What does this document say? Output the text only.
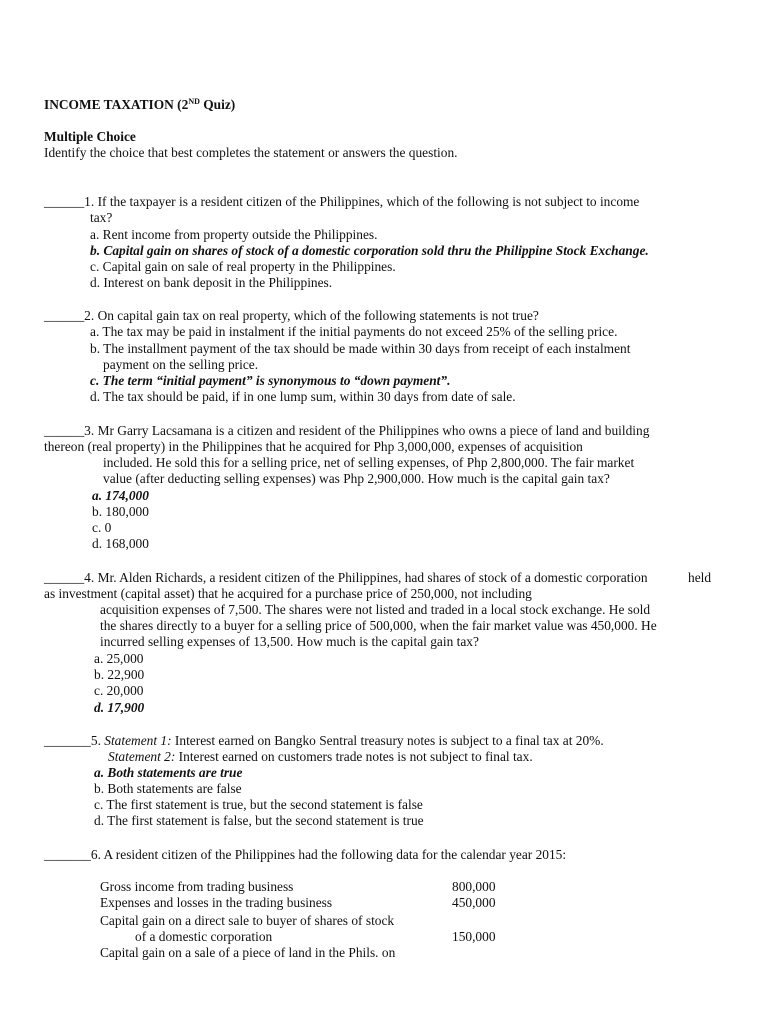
INCOME TAXATION (2ND Quiz)
Multiple Choice
Identify the choice that best completes the statement or answers the question.
______1. If the taxpayer is a resident citizen of the Philippines, which of the following is not subject to income
tax?
a. Rent income from property outside the Philippines.
b. Capital gain on shares of stock of a domestic corporation sold thru the Philippine Stock Exchange.
c. Capital gain on sale of real property in the Philippines.
d. Interest on bank deposit in the Philippines.
______2. On capital gain tax on real property, which of the following statements is not true?
a. The tax may be paid in instalment if the initial payments do not exceed 25% of the selling price.
b. The installment payment of the tax should be made within 30 days from receipt of each instalment
payment on the selling price.
c. The term “initial payment” is synonymous to “down payment”.
d. The tax should be paid, if in one lump sum, within 30 days from date of sale.
______3. Mr Garry Lacsamana is a citizen and resident of the Philippines who owns a piece of land and building
thereon (real property) in the Philippines that he acquired for Php 3,000,000, expenses of acquisition
included. He sold this for a selling price, net of selling expenses, of Php 2,800,000. The fair market
value (after deducting selling expenses) was Php 2,900,000. How much is the capital gain tax?
a. 174,000
b. 180,000
c. 0
d. 168,000
______4. Mr. Alden Richards, a resident citizen of the Philippines, had shares of stock of a domestic corporation	held
as investment (capital asset) that he acquired for a purchase price of 250,000, not including
acquisition expenses of 7,500. The shares were not listed and traded in a local stock exchange. He sold
the shares directly to a buyer for a selling price of 500,000, when the fair market value was 450,000. He
incurred selling expenses of 13,500. How much is the capital gain tax?
a. 25,000
b. 22,900
c. 20,000
d. 17,900
_______5. Statement 1: Interest earned on Bangko Sentral treasury notes is subject to a final tax at 20%.
Statement 2: Interest earned on customers trade notes is not subject to final tax.
a. Both statements are true
b. Both statements are false
c. The first statement is true, but the second statement is false
d. The first statement is false, but the second statement is true
_______6. A resident citizen of the Philippines had the following data for the calendar year 2015:
Gross income from trading business	800,000
Expenses and losses in the trading business	450,000
Capital gain on a direct sale to buyer of shares of stock
of a domestic corporation	150,000
Capital gain on a sale of a piece of land in the Phils. on
